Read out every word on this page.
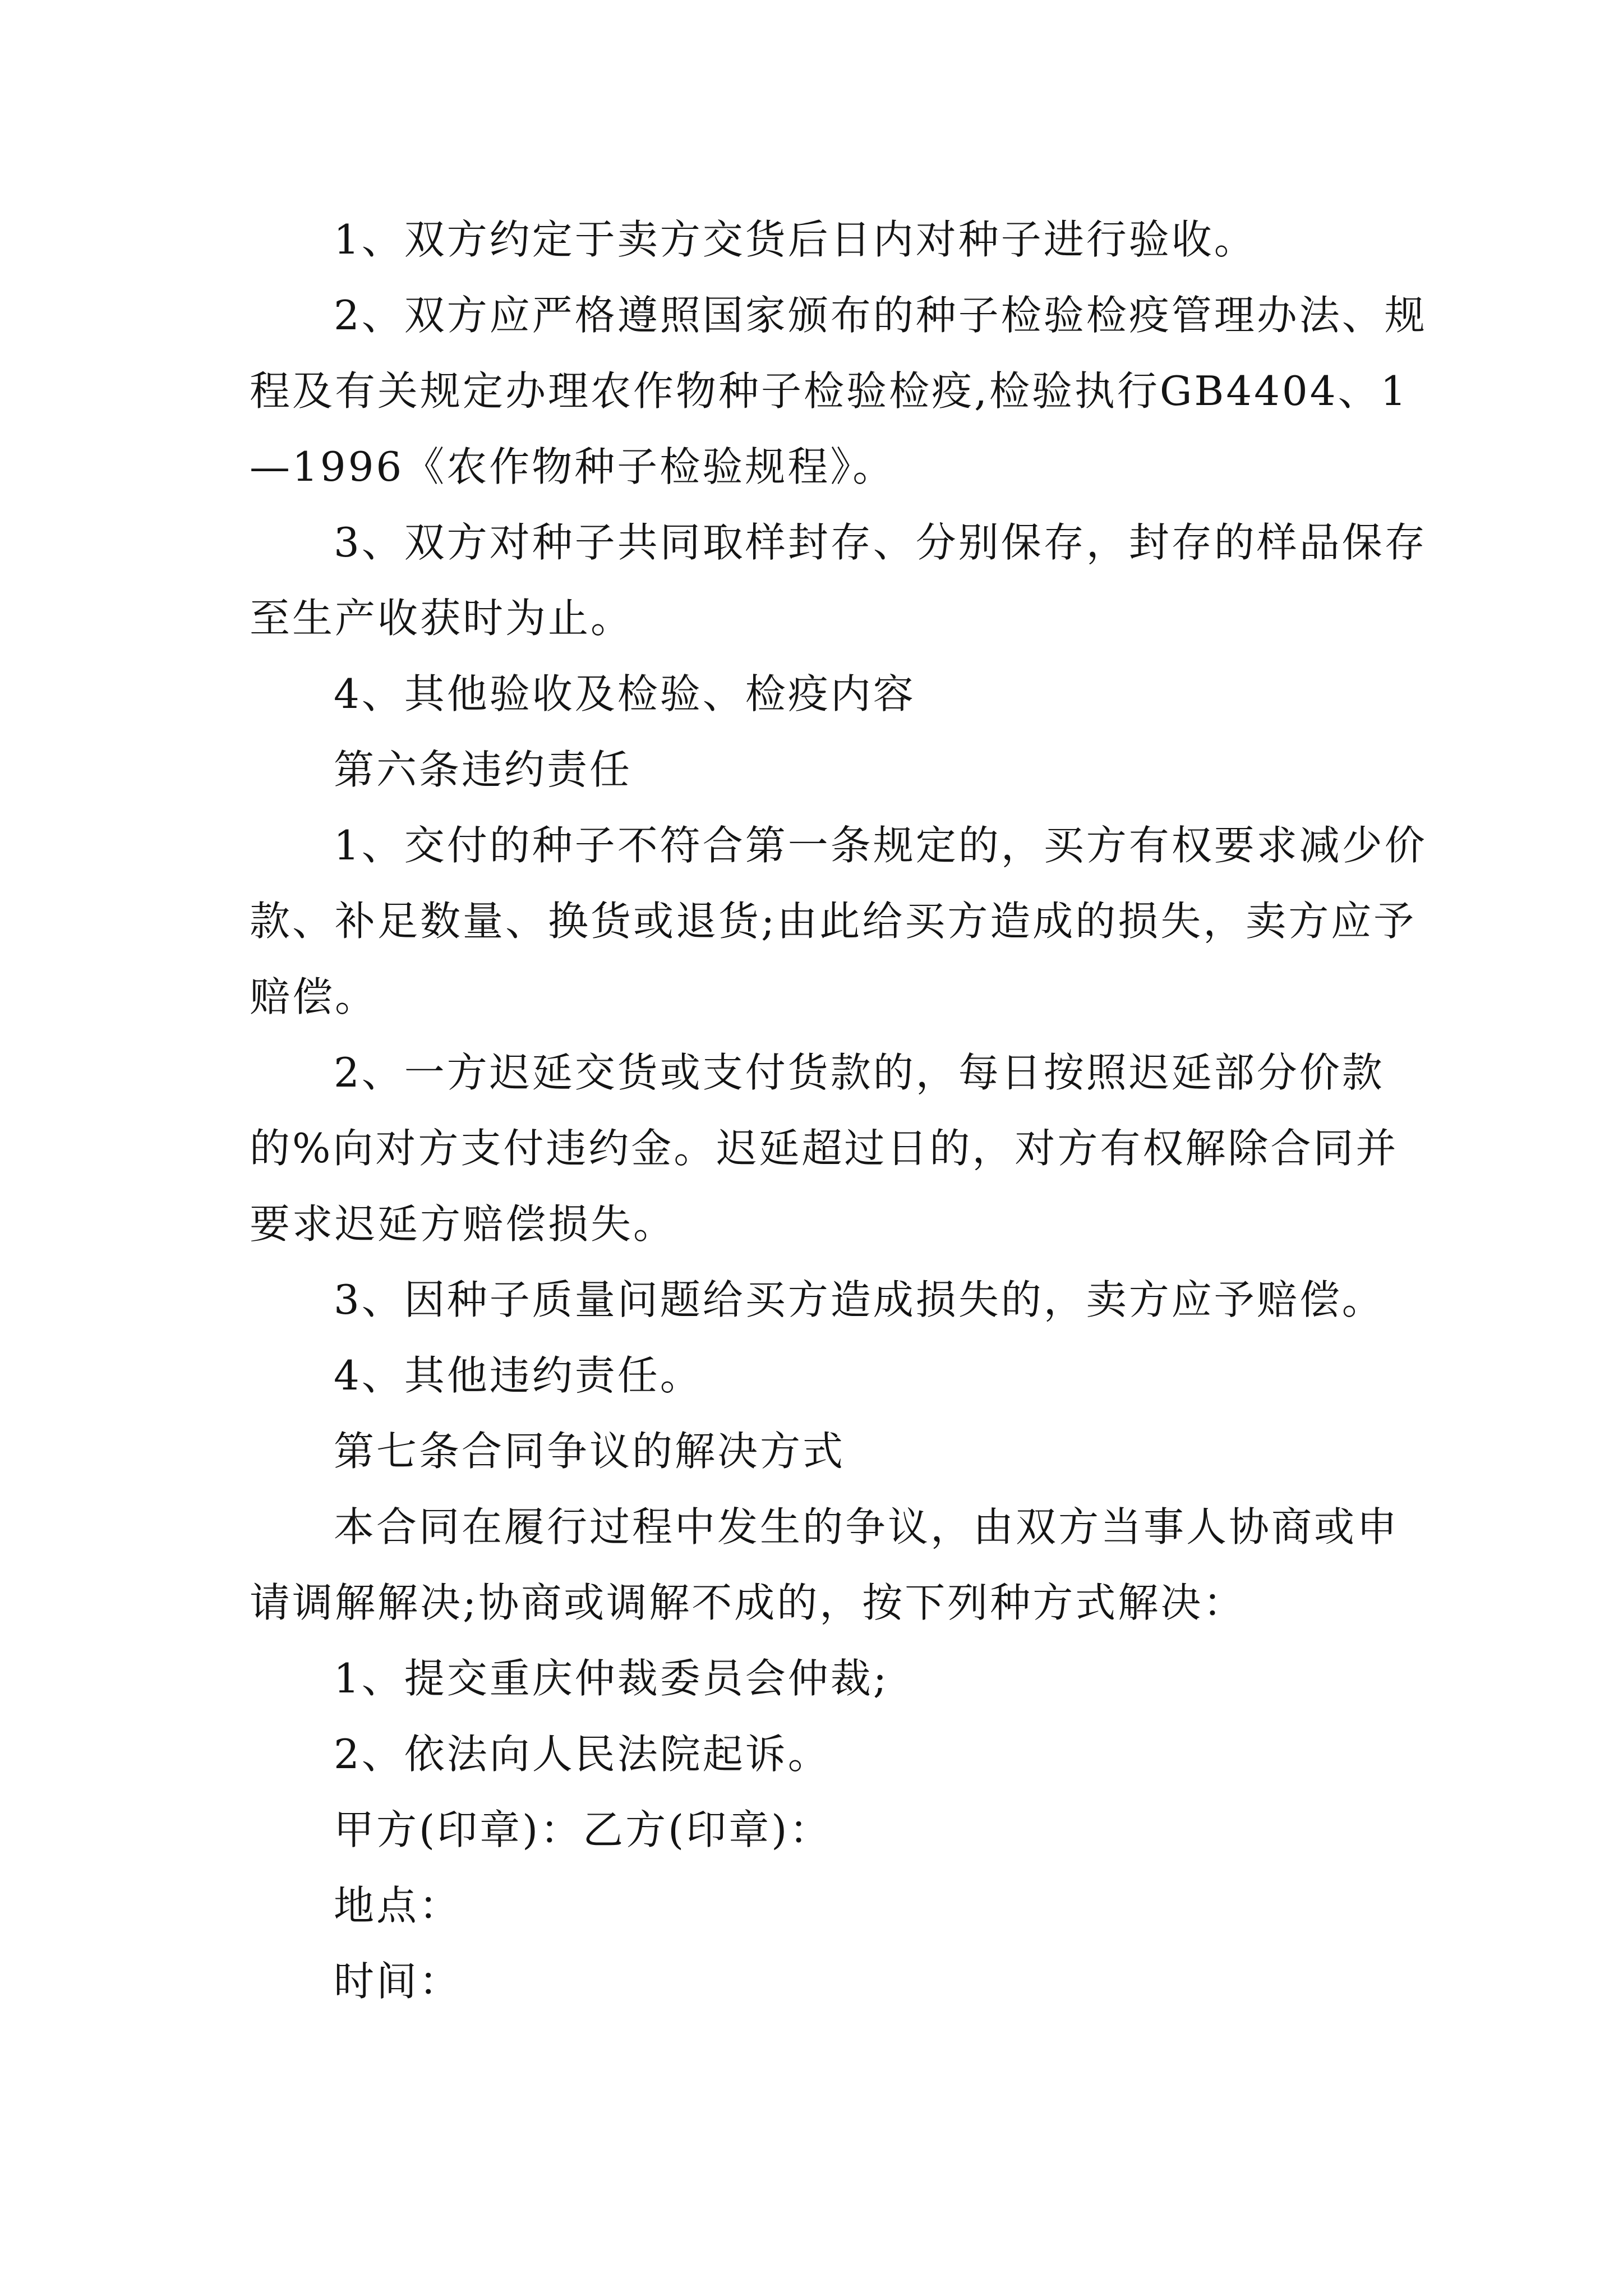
1、双方约定于卖方交货后日内对种子进行验收。

2、双方应严格遵照国家颁布的种子检验检疫管理办法、规程及有关规定办理农作物种子检验检疫,检验执行GB4404、1—1996《农作物种子检验规程》。

3、双方对种子共同取样封存、分别保存，封存的样品保存至生产收获时为止。

4、其他验收及检验、检疫内容

第六条违约责任

1、交付的种子不符合第一条规定的，买方有权要求减少价款、补足数量、换货或退货;由此给买方造成的损失，卖方应予赔偿。

2、一方迟延交货或支付货款的，每日按照迟延部分价款的%向对方支付违约金。迟延超过日的，对方有权解除合同并要求迟延方赔偿损失。

3、因种子质量问题给买方造成损失的，卖方应予赔偿。

4、其他违约责任。

第七条合同争议的解决方式

本合同在履行过程中发生的争议，由双方当事人协商或申请调解解决;协商或调解不成的，按下列种方式解决：

1、提交重庆仲裁委员会仲裁;

2、依法向人民法院起诉。

甲方(印章)：乙方(印章)：

地点：

时间：
